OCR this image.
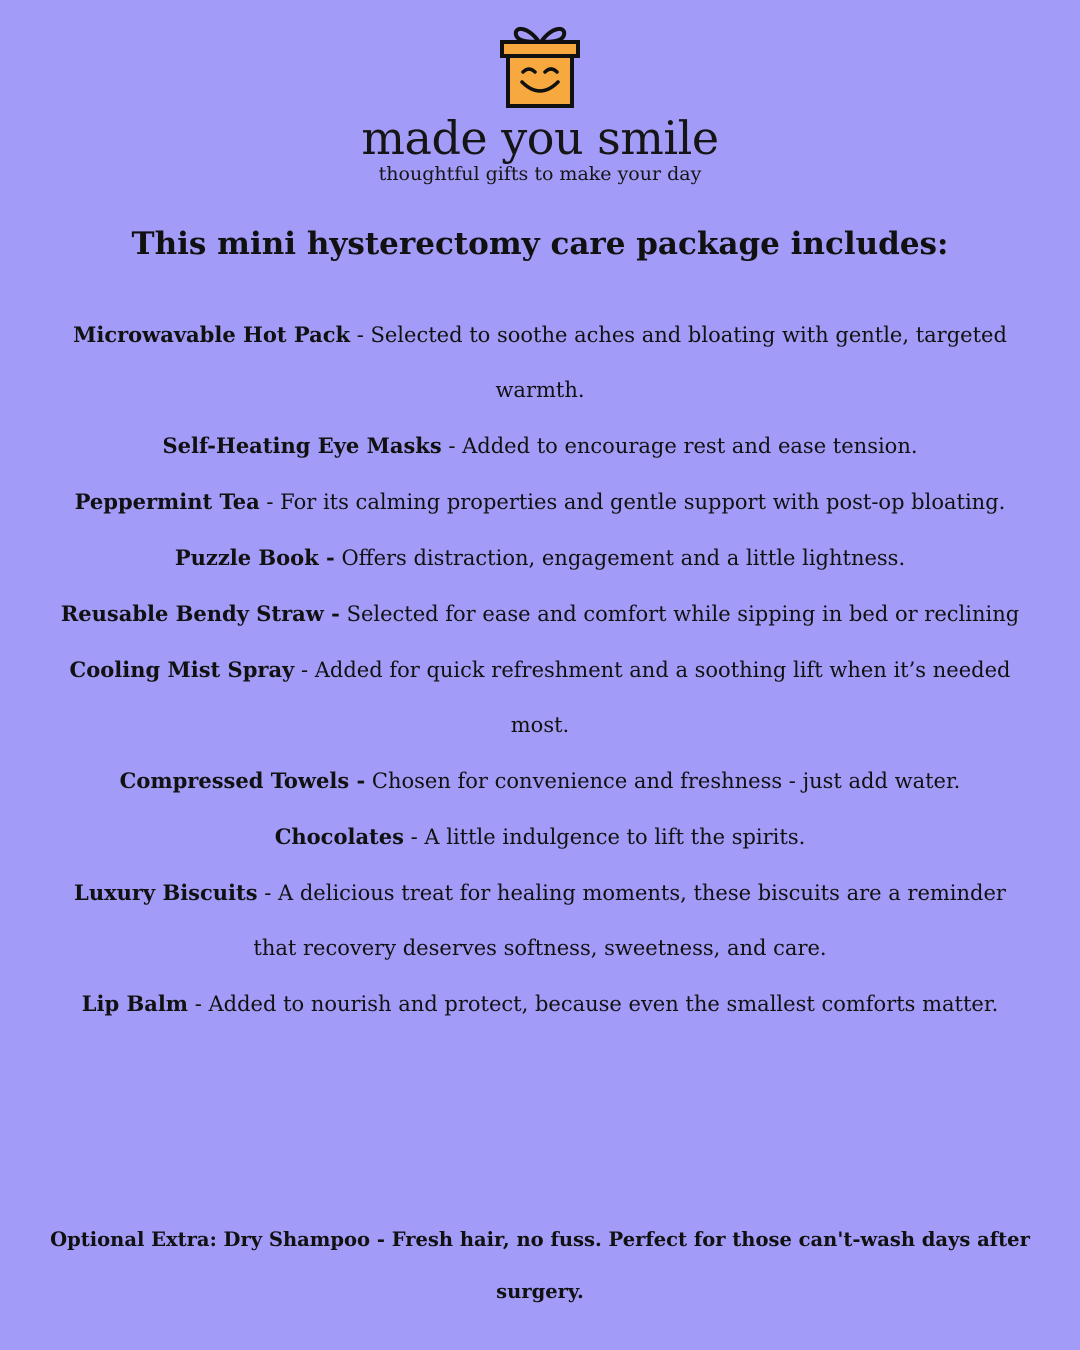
made you smile
thoughtful gifts to make your day
This mini hysterectomy care package includes:
Microwavable Hot Pack - Selected to soothe aches and bloating with gentle, targeted warmth.
Self-Heating Eye Masks - Added to encourage rest and ease tension.
Peppermint Tea - For its calming properties and gentle support with post-op bloating.
Puzzle Book - Offers distraction, engagement and a little lightness.
Reusable Bendy Straw - Selected for ease and comfort while sipping in bed or reclining
Cooling Mist Spray - Added for quick refreshment and a soothing lift when it’s needed most.
Compressed Towels - Chosen for convenience and freshness - just add water.
Chocolates - A little indulgence to lift the spirits.
Luxury Biscuits - A delicious treat for healing moments, these biscuits are a reminder that recovery deserves softness, sweetness, and care.
Lip Balm - Added to nourish and protect, because even the smallest comforts matter.

Optional Extra: Dry Shampoo - Fresh hair, no fuss. Perfect for those can't-wash days after surgery.
